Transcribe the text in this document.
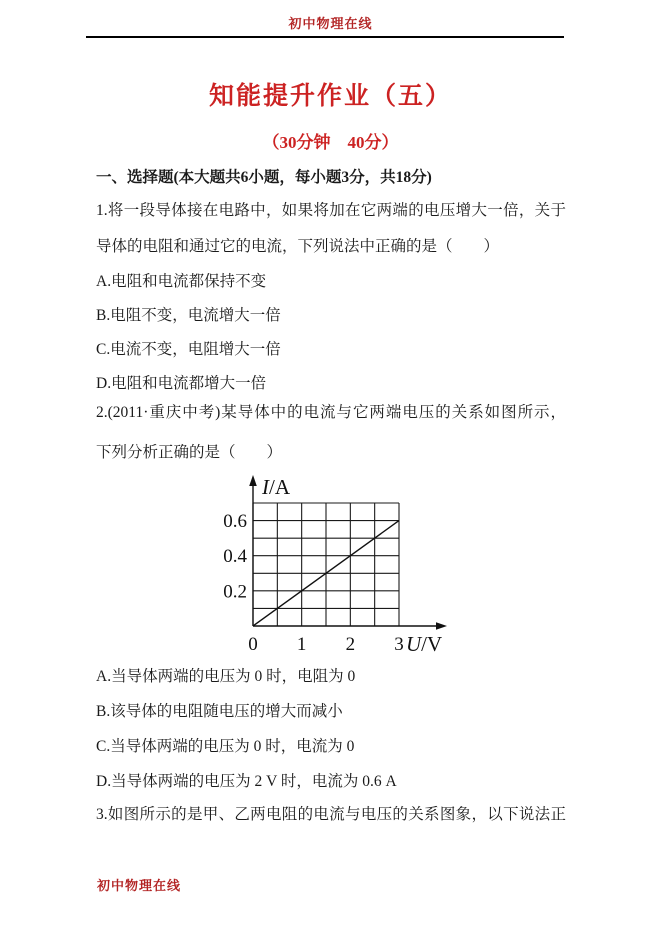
初中物理在线
知能提升作业（五）
（30分钟　40分）
一、选择题(本大题共6小题，每小题3分，共18分)
1.将一段导体接在电路中，如果将加在它两端的电压增大一倍，关于
导体的电阻和通过它的电流，下列说法中正确的是（　　）
A.电阻和电流都保持不变
B.电阻不变，电流增大一倍
C.电流不变，电阻增大一倍
D.电阻和电流都增大一倍
2.(2011·重庆中考)某导体中的电流与它两端电压的关系如图所示，
下列分析正确的是（　　）
0.2
0.4
0.6
0 1 2 3
I/A
U/V
A.当导体两端的电压为 0 时，电阻为 0
B.该导体的电阻随电压的增大而减小
C.当导体两端的电压为 0 时，电流为 0
D.当导体两端的电压为 2 V 时，电流为 0.6 A
3.如图所示的是甲、乙两电阻的电流与电压的关系图象，以下说法正
初中物理在线
